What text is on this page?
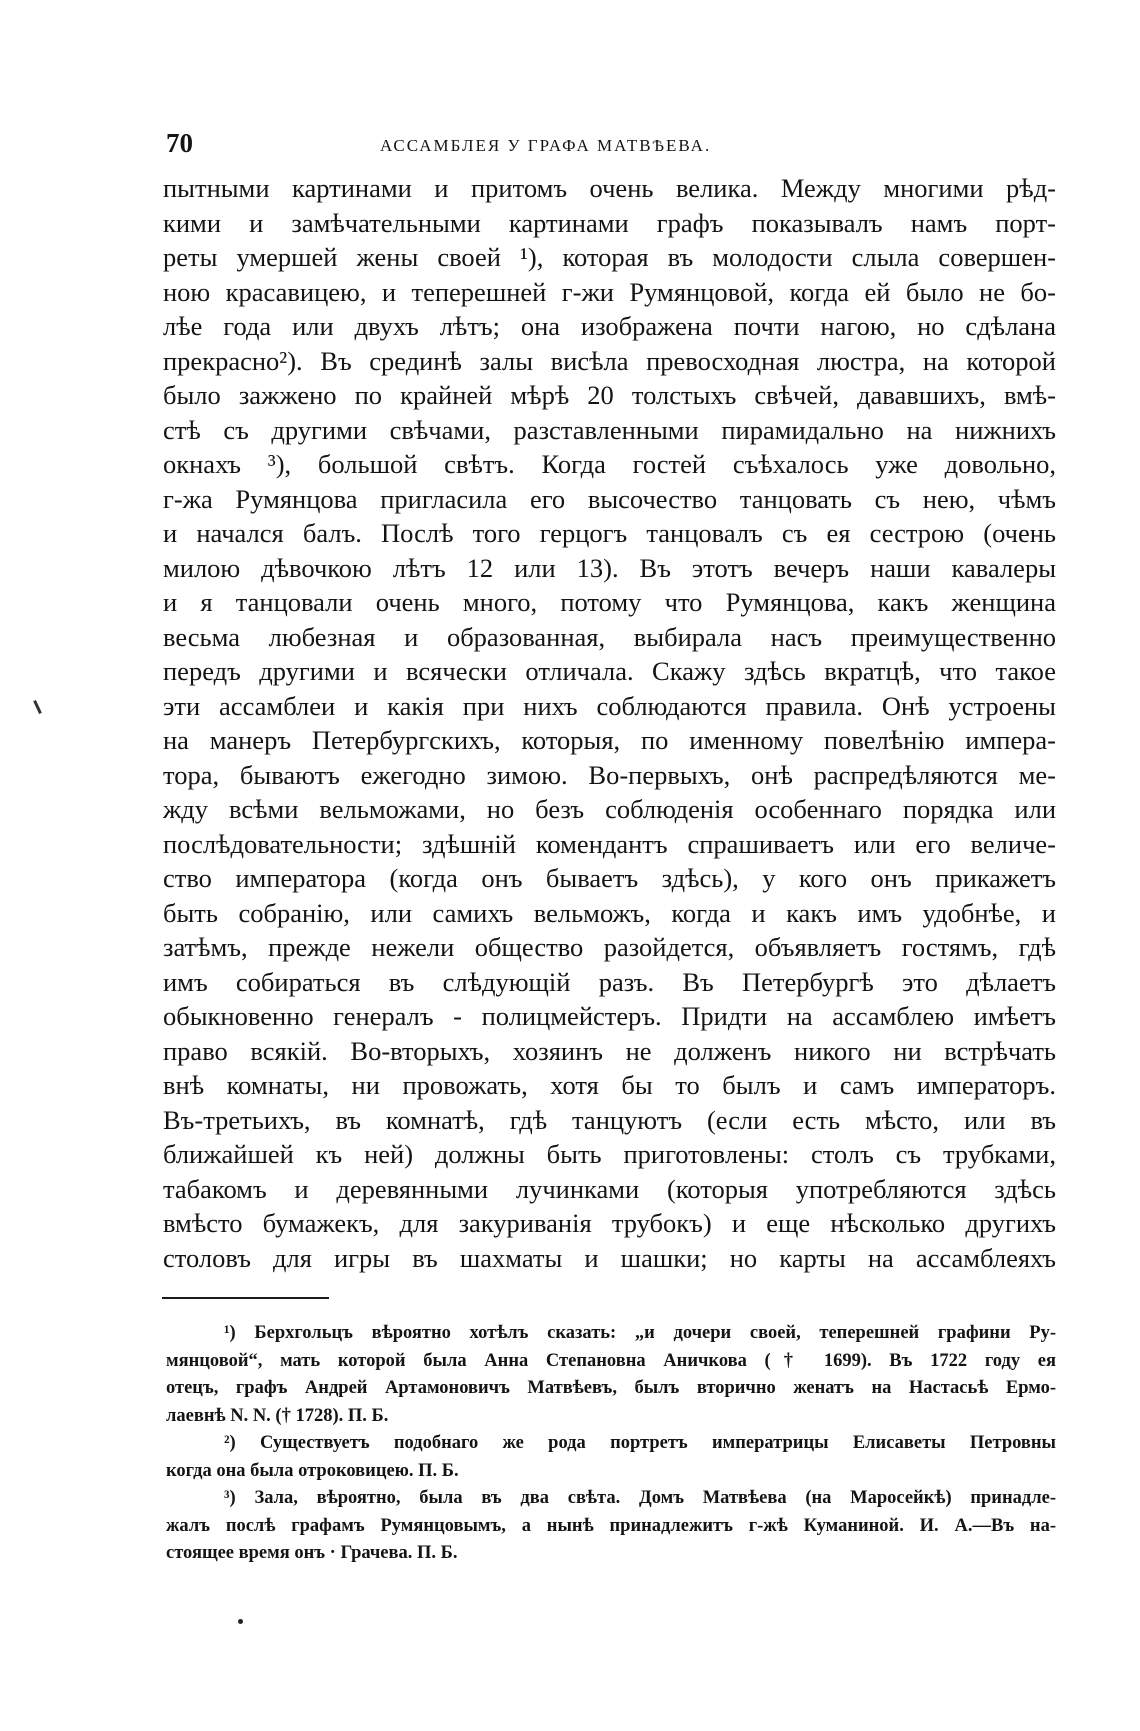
70	АССАМБЛЕЯ У ГРАФА МАТВѢЕВА.
пытными картинами и притомъ очень велика. Между многими рѣд-
кими и замѣчательными картинами графъ показывалъ намъ порт-
реты умершей жены своей ¹), которая въ молодости слыла совершен-
ною красавицею, и теперешней г-жи Румянцовой, когда ей было не бо-
лѣе года или двухъ лѣтъ; она изображена почти нагою, но сдѣлана
прекрасно²). Въ срединѣ залы висѣла превосходная люстра, на которой
было зажжено по крайней мѣрѣ 20 толстыхъ свѣчей, дававшихъ, вмѣ-
стѣ съ другими свѣчами, разставленными пирамидально на нижнихъ
окнахъ ³), большой свѣтъ. Когда гостей съѣхалось уже довольно,
г-жа Румянцова пригласила его высочество танцовать съ нею, чѣмъ
и начался балъ. Послѣ того герцогъ танцовалъ съ ея сестрою (очень
милою дѣвочкою лѣтъ 12 или 13). Въ этотъ вечеръ наши кавалеры
и я танцовали очень много, потому что Румянцова, какъ женщина
весьма любезная и образованная, выбирала насъ преимущественно
передъ другими и всячески отличала. Скажу здѣсь вкратцѣ, что такое
эти ассамблеи и какія при нихъ соблюдаются правила. Онѣ устроены
на манеръ Петербургскихъ, которыя, по именному повелѣнію импера-
тора, бываютъ ежегодно зимою. Во-первыхъ, онѣ распредѣляются ме-
жду всѣми вельможами, но безъ соблюденія особеннаго порядка или
послѣдовательности; здѣшній комендантъ спрашиваетъ или его величе-
ство императора (когда онъ бываетъ здѣсь), у кого онъ прикажетъ
быть собранію, или самихъ вельможъ, когда и какъ имъ удобнѣе, и
затѣмъ, прежде нежели общество разойдется, объявляетъ гостямъ, гдѣ
имъ собираться въ слѣдующій разъ. Въ Петербургѣ это дѣлаетъ
обыкновенно генералъ - полицмейстеръ. Придти на ассамблею имѣетъ
право всякій. Во-вторыхъ, хозяинъ не долженъ никого ни встрѣчать
внѣ комнаты, ни провожать, хотя бы то былъ и самъ императоръ.
Въ-третьихъ, въ комнатѣ, гдѣ танцуютъ (если есть мѣсто, или въ
ближайшей къ ней) должны быть приготовлены: столъ съ трубками,
табакомъ и деревянными лучинками (которыя употребляются здѣсь
вмѣсто бумажекъ, для закуриванія трубокъ) и еще нѣсколько другихъ
столовъ для игры въ шахматы и шашки; но карты на ассамблеяхъ
¹) Берхгольцъ вѣроятно хотѣлъ сказать: „и дочери своей, теперешней графини Ру-
мянцовой“, мать которой была Анна Степановна Аничкова († 1699). Въ 1722 году ея
отецъ, графъ Андрей Артамоновичъ Матвѣевъ, былъ вторично женатъ на Настасьѣ Ермо-
лаевнѣ N. N. († 1728). П. Б.
²) Существуетъ подобнаго же рода портретъ императрицы Елисаветы Петровны
когда она была отроковицею. П. Б.
³) Зала, вѣроятно, была въ два свѣта. Домъ Матвѣева (на Маросейкѣ) принадле-
жалъ послѣ графамъ Румянцовымъ, а нынѣ принадлежитъ г-жѣ Куманиной. И. А.—Въ на-
стоящее время онъ · Грачева. П. Б.
